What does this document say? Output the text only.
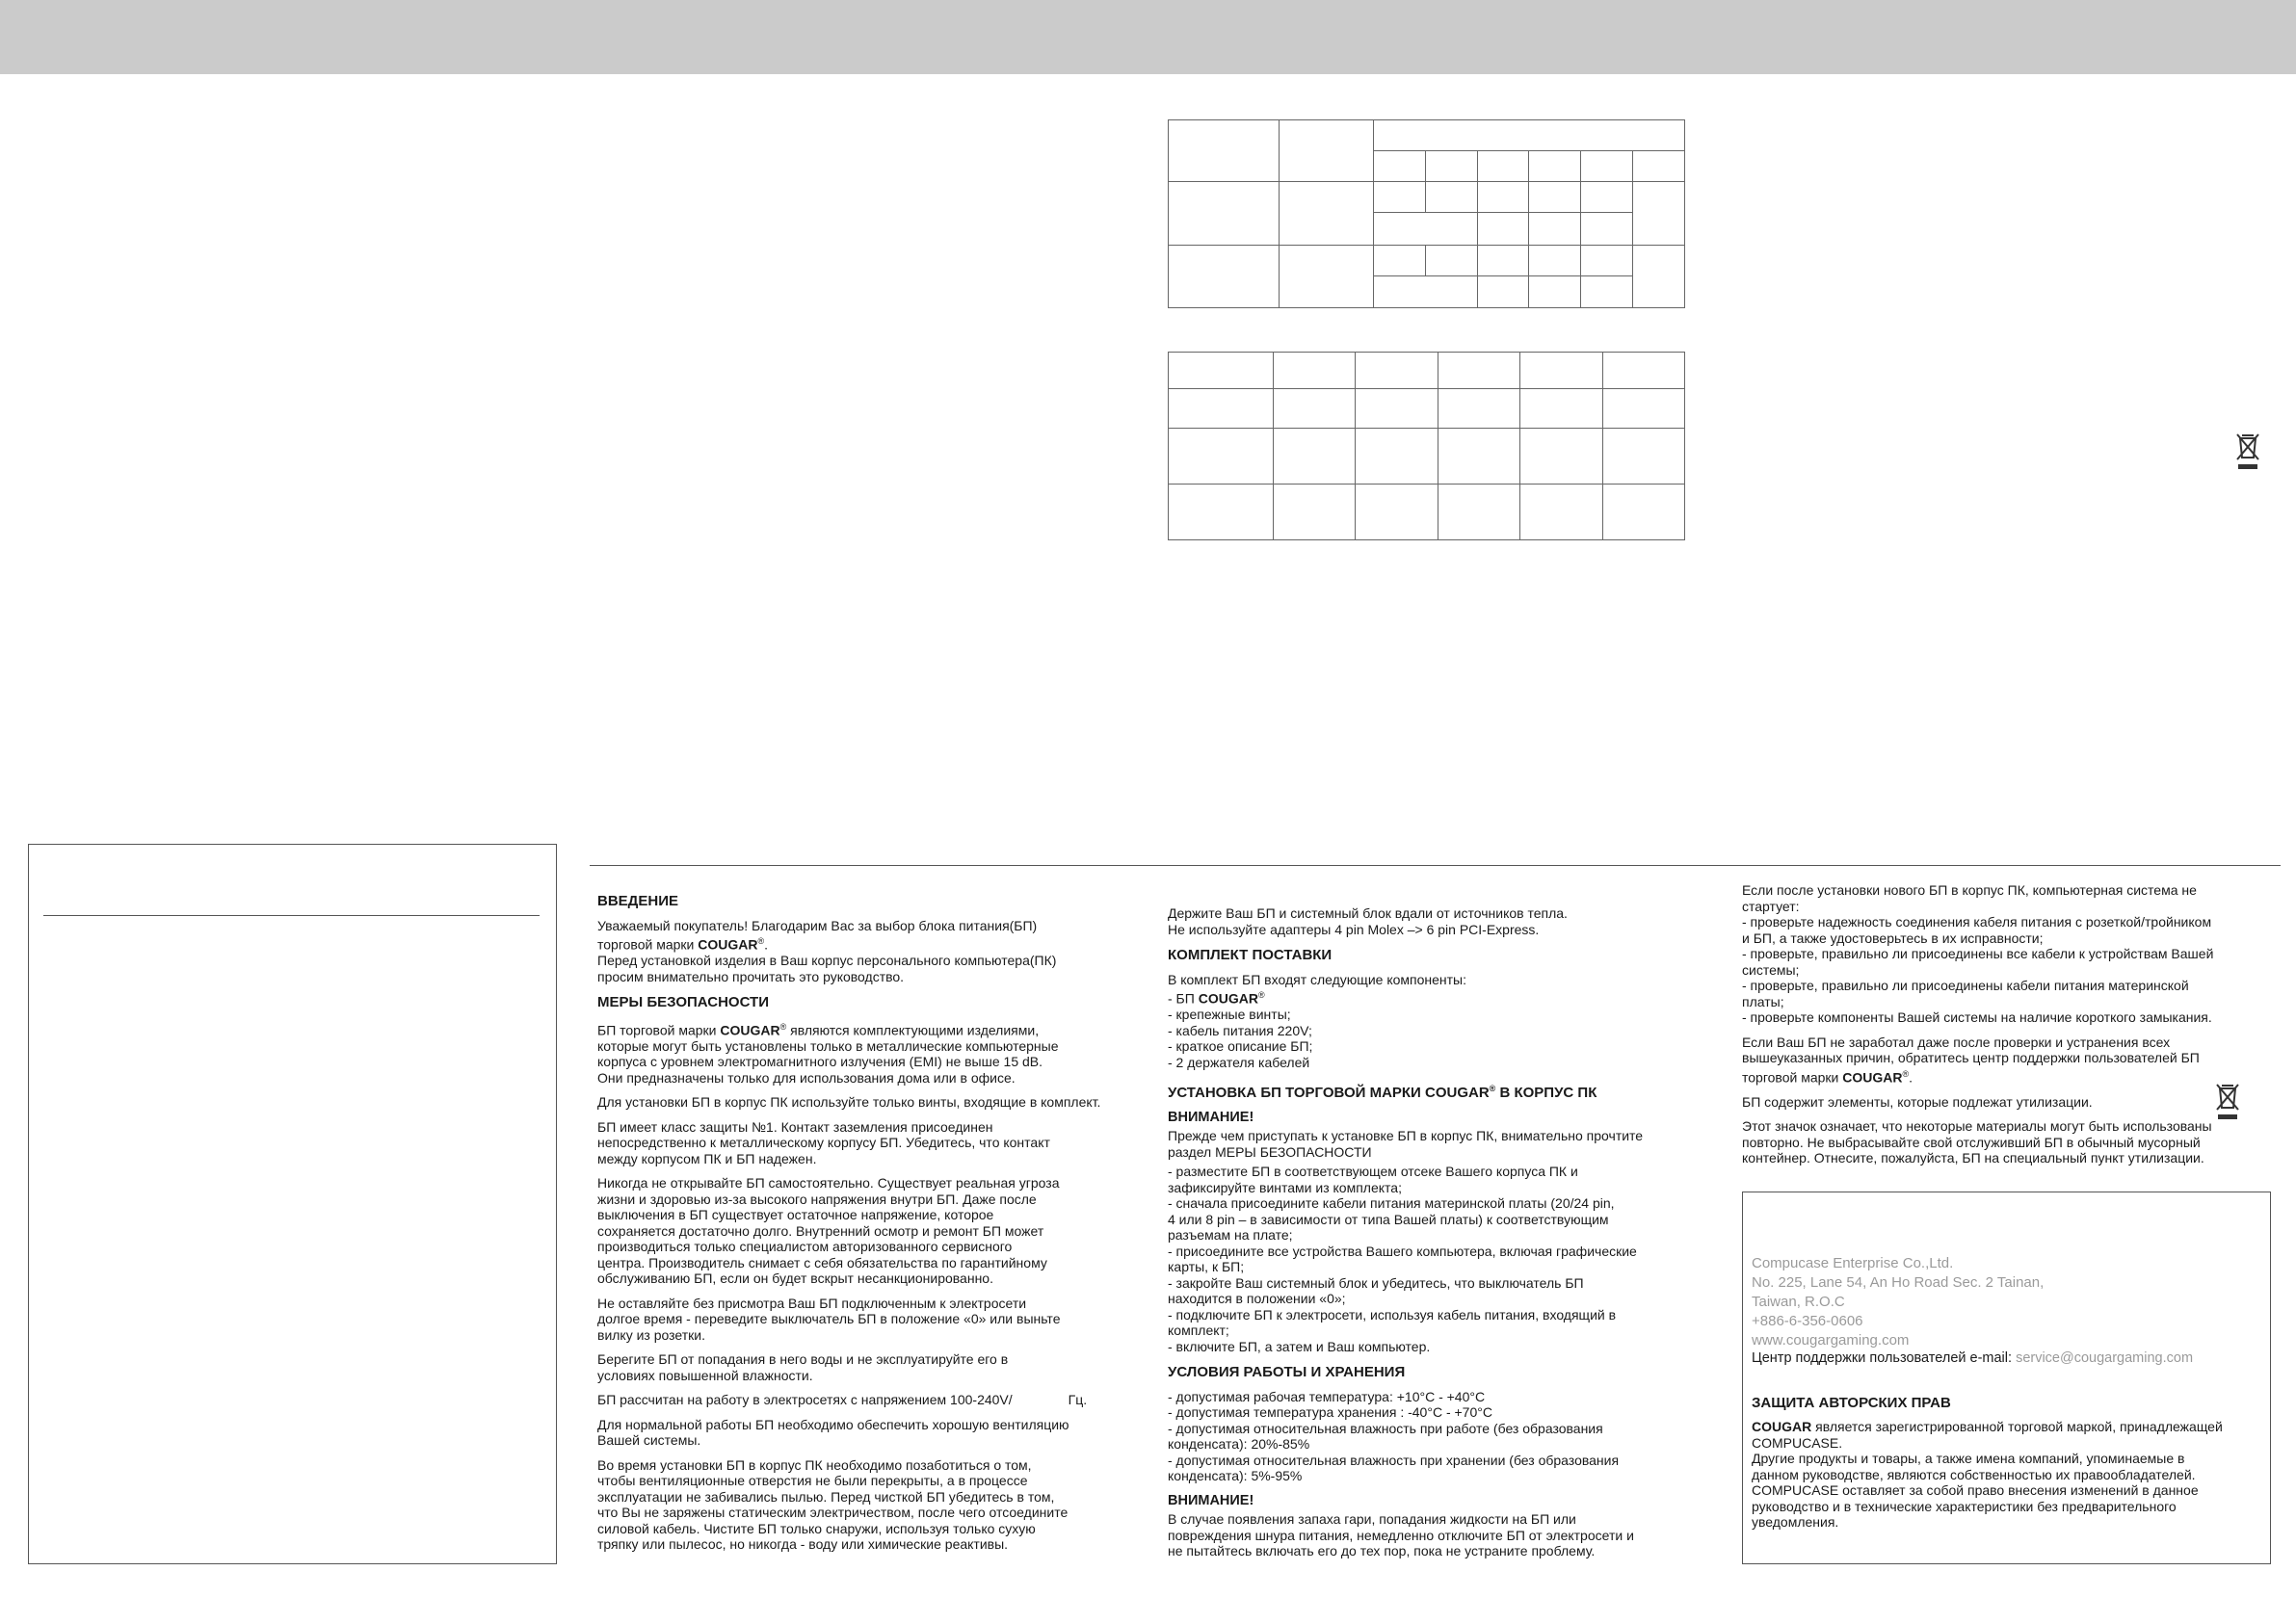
ВВЕДЕНИЕ

Уважаемый покупатель! Благодарим Вас за выбор блока питания(БП)
торговой марки COUGAR®.
Перед установкой изделия в Ваш корпус персонального компьютера(ПК)
просим внимательно прочитать это руководство.

МЕРЫ БЕЗОПАСНОСТИ

БП торговой марки COUGAR® являются комплектующими изделиями,
которые могут быть установлены только в металлические компьютерные
корпуса с уровнем электромагнитного излучения (EMI) не выше 15 dB.
Они предназначены только для использования дома или в офисе.

Для установки БП в корпус ПК используйте только винты, входящие в комплект.

БП имеет класс защиты №1. Контакт заземления присоединен
непосредственно к металлическому корпусу БП. Убедитесь, что контакт
между корпусом ПК и БП надежен.

Никогда не открывайте БП самостоятельно. Существует реальная угроза
жизни и здоровью из-за высокого напряжения внутри БП. Даже после
выключения в БП существует остаточное напряжение, которое
сохраняется достаточно долго. Внутренний осмотр и ремонт БП может
производиться только специалистом авторизованного сервисного
центра. Производитель снимает с себя обязательства по гарантийному
обслуживанию БП, если он будет вскрыт несанкционированно.

Не оставляйте без присмотра Ваш БП подключенным к электросети
долгое время - переведите выключатель БП в положение «0» или выньте
вилку из розетки.

Берегите БП от попадания в него воды и не эксплуатируйте его в
условиях повышенной влажности.

БП рассчитан на работу в электросетях с напряжением 100-240V/	Гц.

Для нормальной работы БП необходимо обеспечить хорошую вентиляцию
Вашей системы.

Во время установки БП в корпус ПК необходимо позаботиться о том,
чтобы вентиляционные отверстия не были перекрыты, а в процессе
эксплуатации не забивались пылью. Перед чисткой БП убедитесь в том,
что Вы не заряжены статическим электричеством, после чего отсоедините
силовой кабель. Чистите БП только снаружи, используя только сухую
тряпку или пылесос, но никогда - воду или химические реактивы.

Держите Ваш БП и системный блок вдали от источников тепла.
Не используйте адаптеры 4 pin Molex –> 6 pin PCI-Express.

КОМПЛЕКТ ПОСТАВКИ

В комплект БП входят следующие компоненты:

- БП COUGAR®
- крепежные винты;
- кабель питания 220V;
- краткое описание БП;
- 2 держателя кабелей
УСТАНОВКА БП ТОРГОВОЙ МАРКИ COUGAR® В КОРПУС ПК
ВНИМАНИЕ!

Прежде чем приступать к установке БП в корпус ПК, внимательно прочтите
раздел МЕРЫ БЕЗОПАСНОСТИ

- разместите БП в соответствующем отсеке Вашего корпуса ПК и
зафиксируйте винтами из комплекта;
- сначала присоедините кабели питания материнской платы (20/24 pin,
4 или 8 pin – в зависимости от типа Вашей платы) к соответствующим
разъемам на плате;
- присоедините все устройства Вашего компьютера, включая графические
карты, к БП;
- закройте Ваш системный блок и убедитесь, что выключатель БП
находится в положении «0»;
- подключите БП к электросети, используя кабель питания, входящий в
комплект;
- включите БП, а затем и Ваш компьютер.
УСЛОВИЯ РАБОТЫ И ХРАНЕНИЯ
- допустимая рабочая температура: +10°C - +40°C
- допустимая температура хранения : -40°C - +70°C
- допустимая относительная влажность при работе (без образования
конденсата): 20%-85%
- допустимая относительная влажность при хранении (без образования
конденсата): 5%-95%
ВНИМАНИЕ!

В случае появления запаха гари, попадания жидкости на БП или
повреждения шнура питания, немедленно отключите БП от электросети и
не пытайтесь включать его до тех пор, пока не устраните проблему.

Если после установки нового БП в корпус ПК, компьютерная система не
стартует:

- проверьте надежность соединения кабеля питания с розеткой/тройником
и БП, а также удостоверьтесь в их исправности;
- проверьте, правильно ли присоединены все кабели к устройствам Вашей
системы;
- проверьте, правильно ли присоединены кабели питания материнской
платы;
- проверьте компоненты Вашей системы на наличие короткого замыкания.

Если Ваш БП не заработал даже после проверки и устранения всех
вышеуказанных причин, обратитесь центр поддержки пользователей БП
торговой марки COUGAR®.

БП содержит элементы, которые подлежат утилизации.

Этот значок означает, что некоторые материалы могут быть использованы
повторно. Не выбрасывайте свой отслуживший БП в обычный мусорный
контейнер. Отнесите, пожалуйста, БП на специальный пункт утилизации.

Compucase Enterprise Co.,Ltd.
No. 225, Lane 54, An Ho Road Sec. 2 Tainan,
Taiwan, R.O.C
+886-6-356-0606
www.cougargaming.com

Центр поддержки пользователей e-mail: service@cougargaming.com

ЗАЩИТА АВТОРСКИХ ПРАВ

COUGAR является зарегистрированной торговой маркой, принадлежащей
COMPUCASE.

Другие продукты и товары, а также имена компаний, упоминаемые в
данном руководстве, являются собственностью их правообладателей.
COMPUCASE оставляет за собой право внесения изменений в данное
руководство и в технические характеристики без предварительного
уведомления.
